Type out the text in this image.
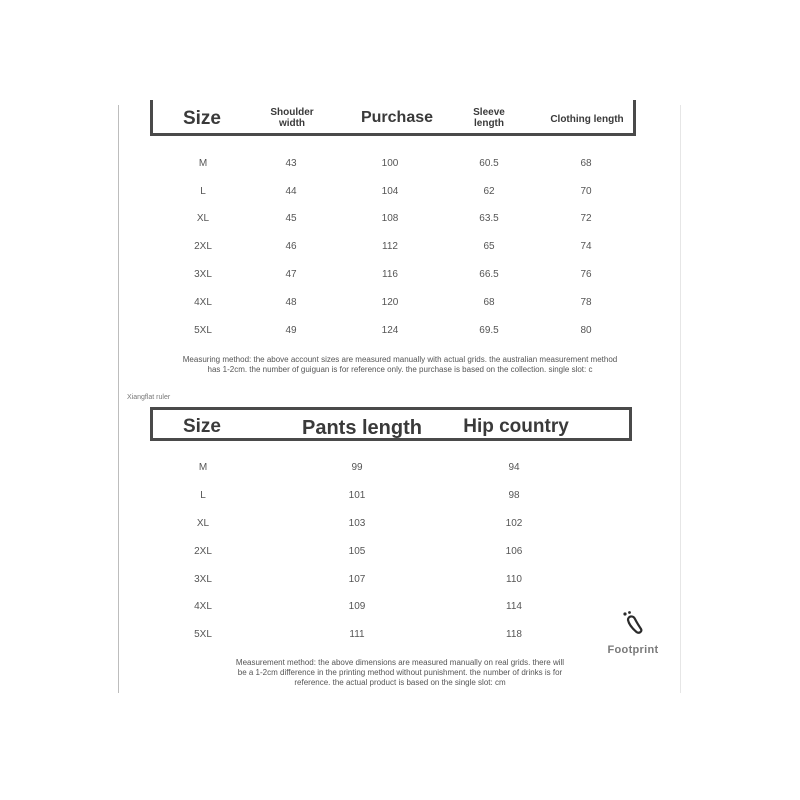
Size	Shoulder width	Purchase	Sleeve length	Clothing length
M	43	100	60.5	68
L	44	104	62	70
XL	45	108	63.5	72
2XL	46	112	65	74
3XL	47	116	66.5	76
4XL	48	120	68	78
5XL	49	124	69.5	80
Measuring method: the above account sizes are measured manually with actual grids. the australian measurement method
has 1-2cm. the number of guiguan is for reference only. the purchase is based on the collection. single slot: c
Xiangflat ruler
Size	Pants length	Hip country
M	99	94
L	101	98
XL	103	102
2XL	105	106
3XL	107	110
4XL	109	114
5XL	111	118
Measurement method: the above dimensions are measured manually on real grids. there will
be a 1-2cm difference in the printing method without punishment. the number of drinks is for
reference. the actual product is based on the single slot: cm
Footprint
